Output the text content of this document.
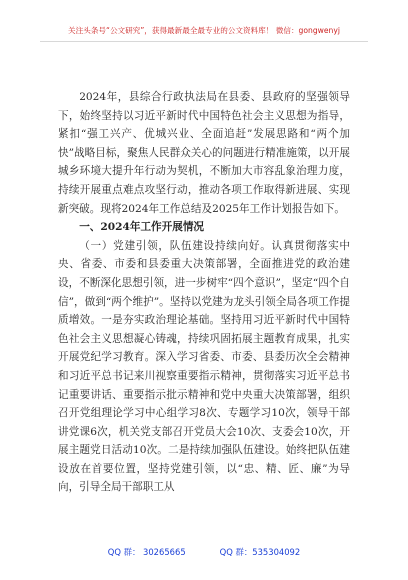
关注头条号“公文研究”，获得最新最全最专业的公文资料库！ 微信：gongwenyj

2024年，县综合行政执法局在县委、县政府的坚强领导下，始终坚持以习近平新时代中国特色社会主义思想为指导，紧扣“强工兴产、优城兴业、全面追赶”发展思路和“两个加快”战略目标，聚焦人民群众关心的问题进行精准施策，以开展城乡环境大提升年行动为契机，不断加大市容乱象治理力度，持续开展重点难点攻坚行动，推动各项工作取得新进展、实现新突破。现将2024年工作总结及2025年工作计划报告如下。

一、2024年工作开展情况

（一）党建引领，队伍建设持续向好。认真贯彻落实中央、省委、市委和县委重大决策部署，全面推进党的政治建设，不断深化思想引领，进一步树牢“四个意识”，坚定“四个自信”，做到“两个维护”。坚持以党建为龙头引领全局各项工作提质增效。一是夯实政治理论基础。坚持用习近平新时代中国特色社会主义思想凝心铸魂，持续巩固拓展主题教育成果，扎实开展党纪学习教育。深入学习省委、市委、县委历次全会精神和习近平总书记来川视察重要指示精神，贯彻落实习近平总书记重要讲话、重要指示批示精神和党中央重大决策部署，组织召开党组理论学习中心组学习8次、专题学习10次，领导干部讲党课6次，机关党支部召开党员大会10次、支委会10次，开展主题党日活动10次。二是持续加强队伍建设。始终把队伍建设放在首要位置，坚持党建引领，以“忠、精、匠、廉”为导向，引导全局干部职工从

QQ 群： 30265665	QQ 群：535304092
